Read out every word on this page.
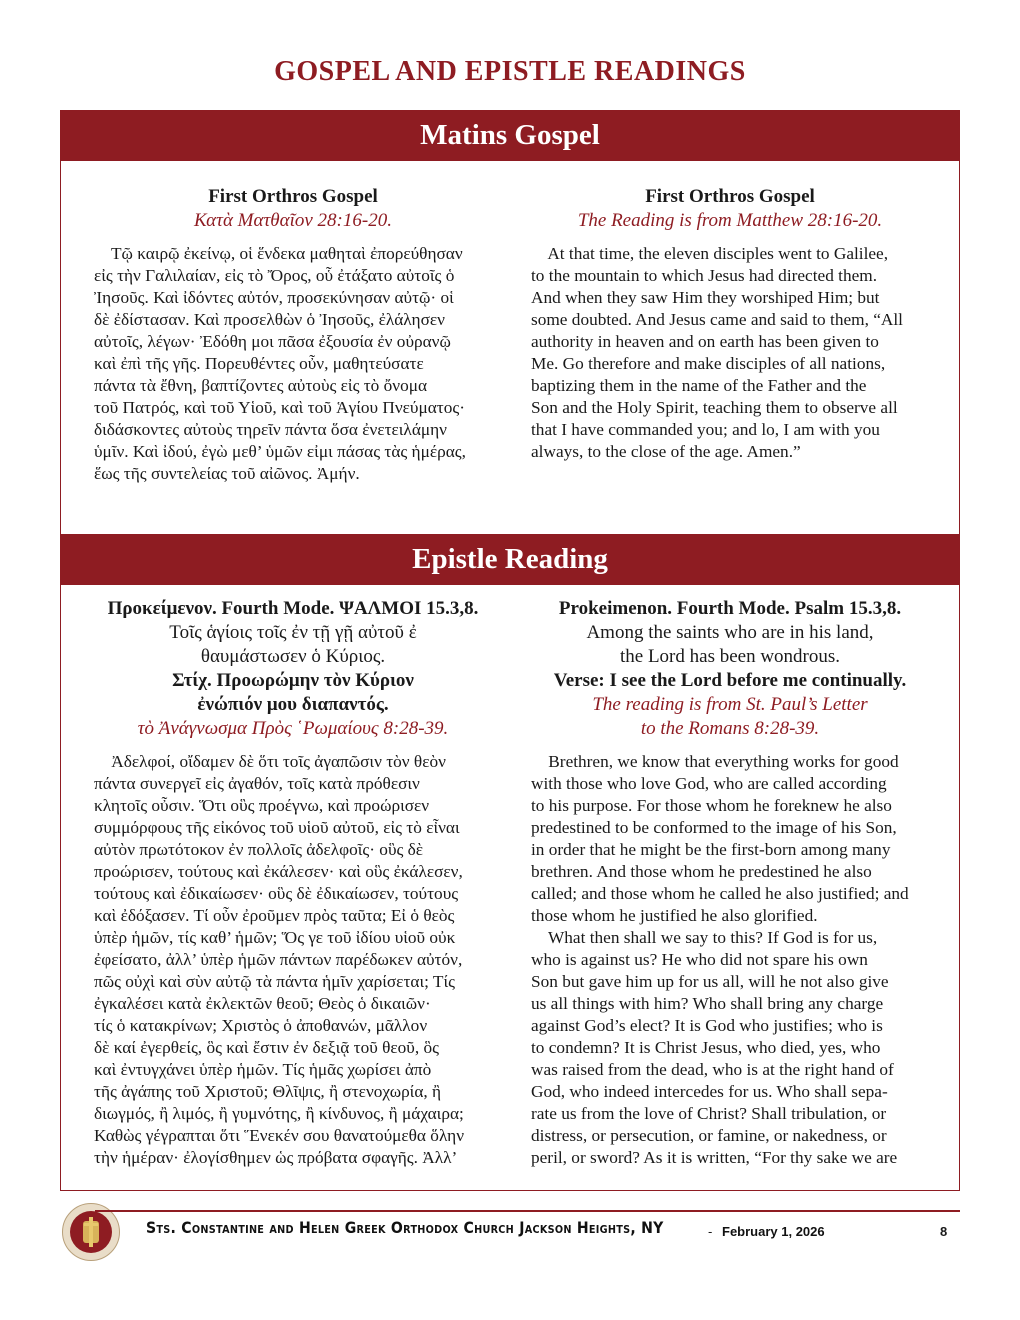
GOSPEL AND EPISTLE READINGS
Matins Gospel
First Orthros Gospel
Κατὰ Ματθαῖον 28:16-20.
Τῷ καιρῷ ἐκείνῳ, οἱ ἕνδεκα μαθηταὶ ἐπορεύθησαν
εἰς τὴν Γαλιλαίαν, εἰς τὸ Ὄρος, οὗ ἐτάξατο αὐτοῖς ὁ
Ἰησοῦς. Καὶ ἰδόντες αὐτόν, προσεκύνησαν αὐτῷ· οἱ
δὲ ἐδίστασαν. Καὶ προσελθὼν ὁ Ἰησοῦς, ἐλάλησεν
αὐτοῖς, λέγων· Ἐδόθη μοι πᾶσα ἐξουσία ἐν οὐρανῷ
καὶ ἐπὶ τῆς γῆς. Πορευθέντες οὖν, μαθητεύσατε
πάντα τὰ ἔθνη, βαπτίζοντες αὐτοὺς εἰς τὸ ὄνομα
τοῦ Πατρός, καὶ τοῦ Υἱοῦ, καὶ τοῦ Ἁγίου Πνεύματος·
διδάσκοντες αὐτοὺς τηρεῖν πάντα ὅσα ἐνετειλάμην
ὑμῖν. Καὶ ἰδού, ἐγὼ μεθ’ ὑμῶν εἰμι πάσας τὰς ἡμέρας,
ἕως τῆς συντελείας τοῦ αἰῶνος. Ἀμήν.
First Orthros Gospel
The Reading is from Matthew 28:16-20.
At that time, the eleven disciples went to Galilee,
to the mountain to which Jesus had directed them.
And when they saw Him they worshiped Him; but
some doubted. And Jesus came and said to them, “All
authority in heaven and on earth has been given to
Me. Go therefore and make disciples of all nations,
baptizing them in the name of the Father and the
Son and the Holy Spirit, teaching them to observe all
that I have commanded you; and lo, I am with you
always, to the close of the age. Amen.”
Epistle Reading
Προκείμενον. Fourth Mode. ΨΑΛΜΟΙ 15.3,8.
Τοῖς ἁγίοις τοῖς ἐν τῇ γῇ αὐτοῦ ἐ
θαυμάστωσεν ὁ Κύριος.
Στίχ. Προωρώμην τὸν Κύριον
ἐνώπιόν μου διαπαντός.
τὸ Ἀνάγνωσμα Πρὸς ῾Ρωμαίους 8:28-39.
Ἀδελφοί, οἴδαμεν δὲ ὅτι τοῖς ἀγαπῶσιν τὸν θεὸν
πάντα συνεργεῖ εἰς ἀγαθόν, τοῖς κατὰ πρόθεσιν
κλητοῖς οὖσιν. Ὅτι οὓς προέγνω, καὶ προώρισεν
συμμόρφους τῆς εἰκόνος τοῦ υἱοῦ αὐτοῦ, εἰς τὸ εἶναι
αὐτὸν πρωτότοκον ἐν πολλοῖς ἀδελφοῖς· οὓς δὲ
προώρισεν, τούτους καὶ ἐκάλεσεν· καὶ οὓς ἐκάλεσεν,
τούτους καὶ ἐδικαίωσεν· οὓς δὲ ἐδικαίωσεν, τούτους
καὶ ἐδόξασεν. Τί οὖν ἐροῦμεν πρὸς ταῦτα; Εἰ ὁ θεὸς
ὑπὲρ ἡμῶν, τίς καθ’ ἡμῶν; Ὅς γε τοῦ ἰδίου υἱοῦ οὐκ
ἐφείσατο, ἀλλ’ ὑπὲρ ἡμῶν πάντων παρέδωκεν αὐτόν,
πῶς οὐχὶ καὶ σὺν αὐτῷ τὰ πάντα ἡμῖν χαρίσεται; Τίς
ἐγκαλέσει κατὰ ἐκλεκτῶν θεοῦ; Θεὸς ὁ δικαιῶν·
τίς ὁ κατακρίνων; Χριστὸς ὁ ἀποθανών, μᾶλλον
δὲ καί ἐγερθείς, ὃς καὶ ἔστιν ἐν δεξιᾷ τοῦ θεοῦ, ὃς
καὶ ἐντυγχάνει ὑπὲρ ἡμῶν. Τίς ἡμᾶς χωρίσει ἀπὸ
τῆς ἀγάπης τοῦ Χριστοῦ; Θλῖψις, ἢ στενοχωρία, ἢ
διωγμός, ἢ λιμός, ἢ γυμνότης, ἢ κίνδυνος, ἢ μάχαιρα;
Καθὼς γέγραπται ὅτι Ἕνεκέν σου θανατούμεθα ὅλην
τὴν ἡμέραν· ἐλογίσθημεν ὡς πρόβατα σφαγῆς. Ἀλλ’
Prokeimenon. Fourth Mode. Psalm 15.3,8.
Among the saints who are in his land,
the Lord has been wondrous.
Verse: I see the Lord before me continually.
The reading is from St. Paul’s Letter
to the Romans 8:28-39.
Brethren, we know that everything works for good
with those who love God, who are called according
to his purpose. For those whom he foreknew he also
predestined to be conformed to the image of his Son,
in order that he might be the first-born among many
brethren. And those whom he predestined he also
called; and those whom he called he also justified; and
those whom he justified he also glorified.
What then shall we say to this? If God is for us,
who is against us? He who did not spare his own
Son but gave him up for us all, will he not also give
us all things with him? Who shall bring any charge
against God’s elect? It is God who justifies; who is
to condemn? It is Christ Jesus, who died, yes, who
was raised from the dead, who is at the right hand of
God, who indeed intercedes for us. Who shall sepa-
rate us from the love of Christ? Shall tribulation, or
distress, or persecution, or famine, or nakedness, or
peril, or sword? As it is written, “For thy sake we are
Sts. Constantine and Helen Greek Orthodox Church Jackson Heights, NY	- February 1, 2026	8
